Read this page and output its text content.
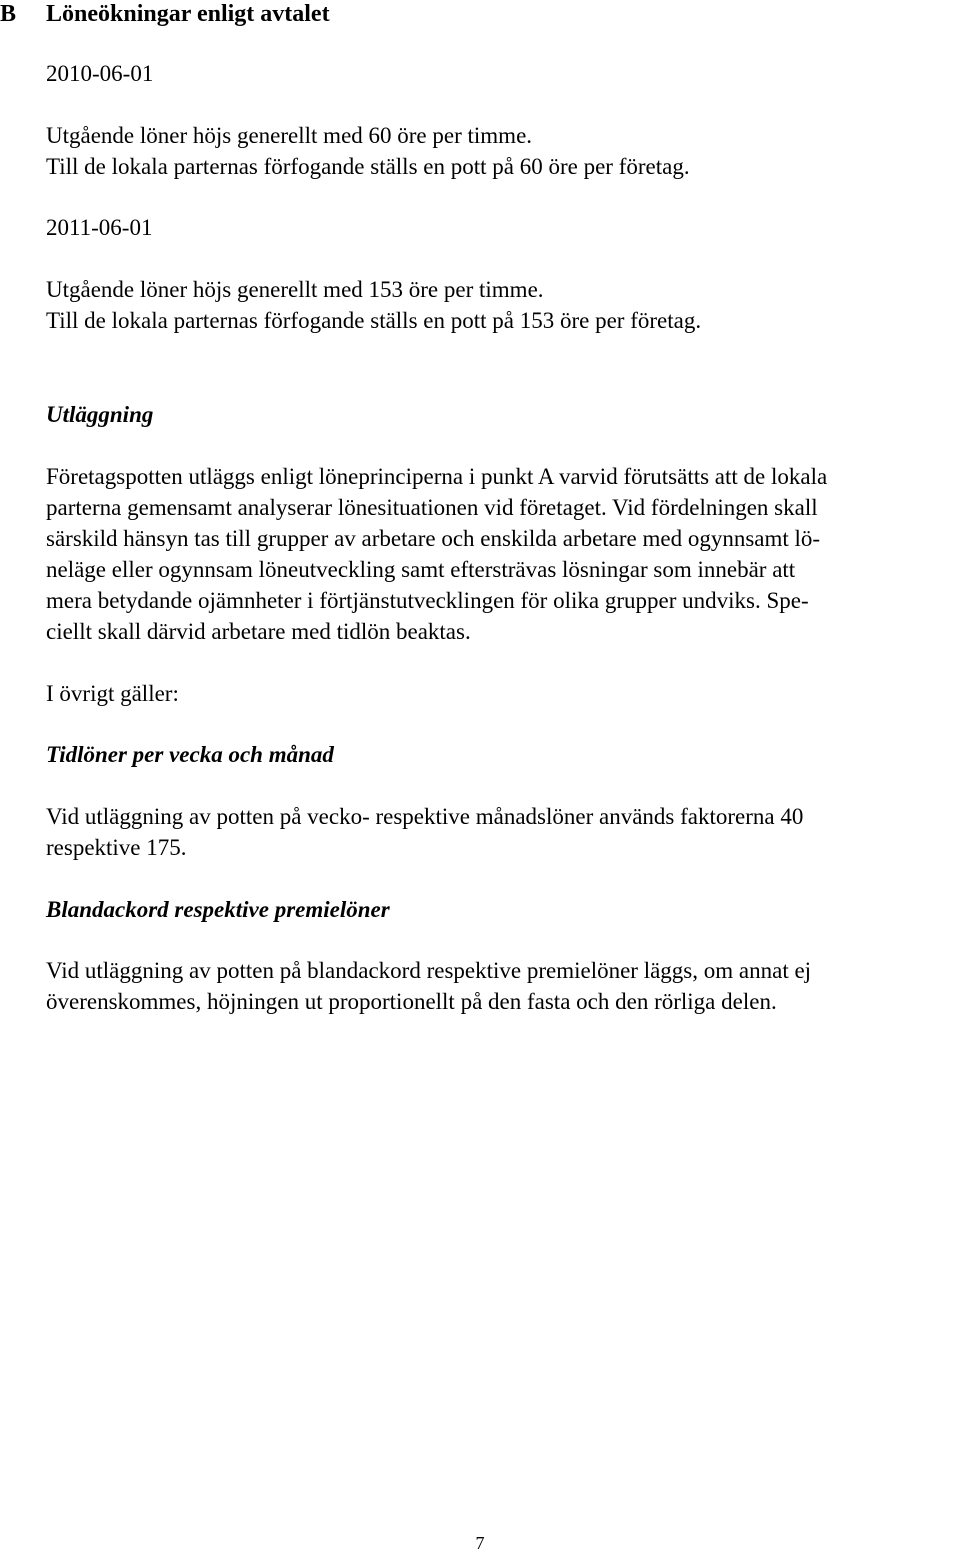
B Löneökningar enligt avtalet
2010-06-01
Utgående löner höjs generellt med 60 öre per timme.
Till de lokala parternas förfogande ställs en pott på 60 öre per företag.
2011-06-01
Utgående löner höjs generellt med 153 öre per timme.
Till de lokala parternas förfogande ställs en pott på 153 öre per företag.
Utläggning
Företagspotten utläggs enligt löneprinciperna i punkt A varvid förutsätts att de lokala
parterna gemensamt analyserar lönesituationen vid företaget. Vid fördelningen skall
särskild hänsyn tas till grupper av arbetare och enskilda arbetare med ogynnsamt lö-
neläge eller ogynnsam löneutveckling samt eftersträvas lösningar som innebär att
mera betydande ojämnheter i förtjänstutvecklingen för olika grupper undviks. Spe-
ciellt skall därvid arbetare med tidlön beaktas.
I övrigt gäller:
Tidlöner per vecka och månad
Vid utläggning av potten på vecko- respektive månadslöner används faktorerna 40
respektive 175.
Blandackord respektive premielöner
Vid utläggning av potten på blandackord respektive premielöner läggs, om annat ej
överenskommes, höjningen ut proportionellt på den fasta och den rörliga delen.
7
